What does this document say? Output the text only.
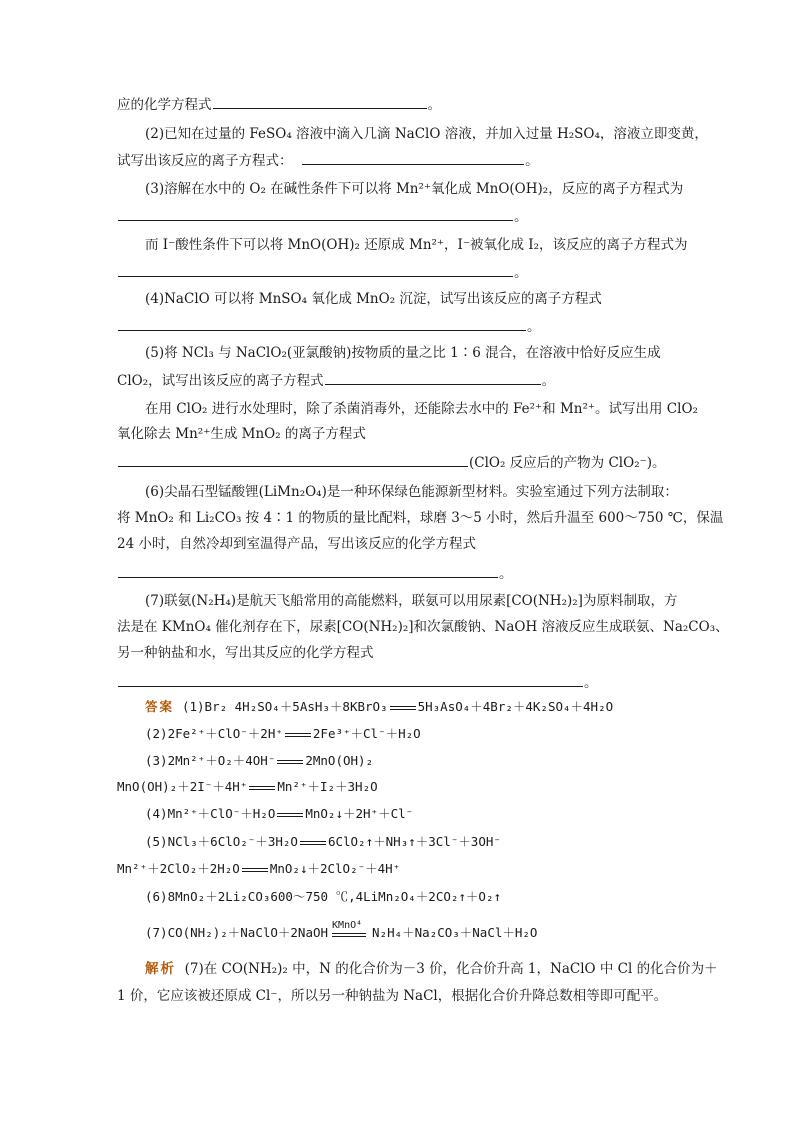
应的化学方程式	。
(2)已知在过量的 FeSO₄ 溶液中滴入几滴 NaClO 溶液，并加入过量 H₂SO₄，溶液立即变黄，
试写出该反应的离子方程式：	。
(3)溶解在水中的 O₂ 在碱性条件下可以将 Mn²⁺氧化成 MnO(OH)₂，反应的离子方程式为
。
而 I⁻酸性条件下可以将 MnO(OH)₂ 还原成 Mn²⁺，I⁻被氧化成 I₂，该反应的离子方程式为
。
(4)NaClO 可以将 MnSO₄ 氧化成 MnO₂ 沉淀，试写出该反应的离子方程式
。
(5)将 NCl₃ 与 NaClO₂(亚氯酸钠)按物质的量之比 1∶6 混合，在溶液中恰好反应生成
ClO₂，试写出该反应的离子方程式	。
在用 ClO₂ 进行水处理时，除了杀菌消毒外，还能除去水中的 Fe²⁺和 Mn²⁺。试写出用 ClO₂
氧化除去 Mn²⁺生成 MnO₂ 的离子方程式
(ClO₂ 反应后的产物为 ClO₂⁻)。
(6)尖晶石型锰酸锂(LiMn₂O₄)是一种环保绿色能源新型材料。实验室通过下列方法制取：
将 MnO₂ 和 Li₂CO₃ 按 4∶1 的物质的量比配料，球磨 3～5 小时，然后升温至 600～750 ℃，保温
24 小时，自然冷却到室温得产品，写出该反应的化学方程式
。
(7)联氨(N₂H₄)是航天飞船常用的高能燃料，联氨可以用尿素[CO(NH₂)₂]为原料制取，方
法是在 KMnO₄ 催化剂存在下，尿素[CO(NH₂)₂]和次氯酸钠、NaOH 溶液反应生成联氨、Na₂CO₃、
另一种钠盐和水，写出其反应的化学方程式
。
答案 (1)Br₂ 4H₂SO₄＋5AsH₃＋8KBrO₃ 5H₃AsO₄＋4Br₂＋4K₂SO₄＋4H₂O
(2)2Fe²⁺＋ClO⁻＋2H⁺ 2Fe³⁺＋Cl⁻＋H₂O
(3)2Mn²⁺＋O₂＋4OH⁻ 2MnO(OH)₂
MnO(OH)₂＋2I⁻＋4H⁺ Mn²⁺＋I₂＋3H₂O
(4)Mn²⁺＋ClO⁻＋H₂O MnO₂↓＋2H⁺＋Cl⁻
(5)NCl₃＋6ClO₂⁻＋3H₂O 6ClO₂↑＋NH₃↑＋3Cl⁻＋3OH⁻
Mn²⁺＋2ClO₂＋2H₂O MnO₂↓＋2ClO₂⁻＋4H⁺
(6)8MnO₂＋2Li₂CO₃600～750 ℃,4LiMn₂O₄＋2CO₂↑＋O₂↑
(7)CO(NH₂)₂＋NaClO＋2NaOH KMnO⁴ N₂H₄＋Na₂CO₃＋NaCl＋H₂O
解析 (7)在 CO(NH₂)₂ 中，N 的化合价为－3 价，化合价升高 1，NaClO 中 Cl 的化合价为＋
1 价，它应该被还原成 Cl⁻，所以另一种钠盐为 NaCl，根据化合价升降总数相等即可配平。
